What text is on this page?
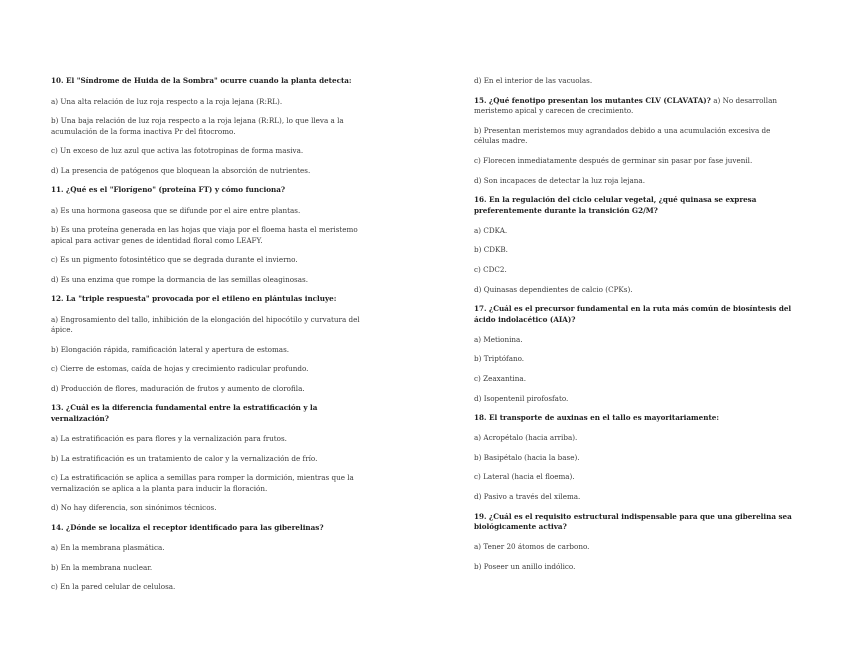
10. El "Síndrome de Huida de la Sombra" ocurre cuando la planta detecta:
a) Una alta relación de luz roja respecto a la roja lejana (R:RL).
b) Una baja relación de luz roja respecto a la roja lejana (R:RL), lo que lleva a la acumulación de la forma inactiva Pr del fitocromo.
c) Un exceso de luz azul que activa las fototropinas de forma masiva.
d) La presencia de patógenos que bloquean la absorción de nutrientes.
11. ¿Qué es el "Florígeno" (proteína FT) y cómo funciona?
a) Es una hormona gaseosa que se difunde por el aire entre plantas.
b) Es una proteína generada en las hojas que viaja por el floema hasta el meristemo apical para activar genes de identidad floral como LEAFY.
c) Es un pigmento fotosintético que se degrada durante el invierno.
d) Es una enzima que rompe la dormancia de las semillas oleaginosas.
12. La "triple respuesta" provocada por el etileno en plántulas incluye:
a) Engrosamiento del tallo, inhibición de la elongación del hipocótilo y curvatura del ápice.
b) Elongación rápida, ramificación lateral y apertura de estomas.
c) Cierre de estomas, caída de hojas y crecimiento radicular profundo.
d) Producción de flores, maduración de frutos y aumento de clorofila.
13. ¿Cuál es la diferencia fundamental entre la estratificación y la vernalización?
a) La estratificación es para flores y la vernalización para frutos.
b) La estratificación es un tratamiento de calor y la vernalización de frío.
c) La estratificación se aplica a semillas para romper la dormición, mientras que la vernalización se aplica a la planta para inducir la floración.
d) No hay diferencia, son sinónimos técnicos.
14. ¿Dónde se localiza el receptor identificado para las giberelinas?
a) En la membrana plasmática.
b) En la membrana nuclear.
c) En la pared celular de celulosa.
d) En el interior de las vacuolas.
15. ¿Qué fenotipo presentan los mutantes CLV (CLAVATA)? a) No desarrollan meristemo apical y carecen de crecimiento.
b) Presentan meristemos muy agrandados debido a una acumulación excesiva de células madre.
c) Florecen inmediatamente después de germinar sin pasar por fase juvenil.
d) Son incapaces de detectar la luz roja lejana.
16. En la regulación del ciclo celular vegetal, ¿qué quinasa se expresa preferentemente durante la transición G2/M?
a) CDKA.
b) CDKB.
c) CDC2.
d) Quinasas dependientes de calcio (CPKs).
17. ¿Cuál es el precursor fundamental en la ruta más común de biosíntesis del ácido indolacético (AIA)?
a) Metionina.
b) Triptófano.
c) Zeaxantina.
d) Isopentenil pirofosfato.
18. El transporte de auxinas en el tallo es mayoritariamente:
a) Acropétalo (hacia arriba).
b) Basipétalo (hacia la base).
c) Lateral (hacia el floema).
d) Pasivo a través del xilema.
19. ¿Cuál es el requisito estructural indispensable para que una giberelina sea biológicamente activa?
a) Tener 20 átomos de carbono.
b) Poseer un anillo indólico.
